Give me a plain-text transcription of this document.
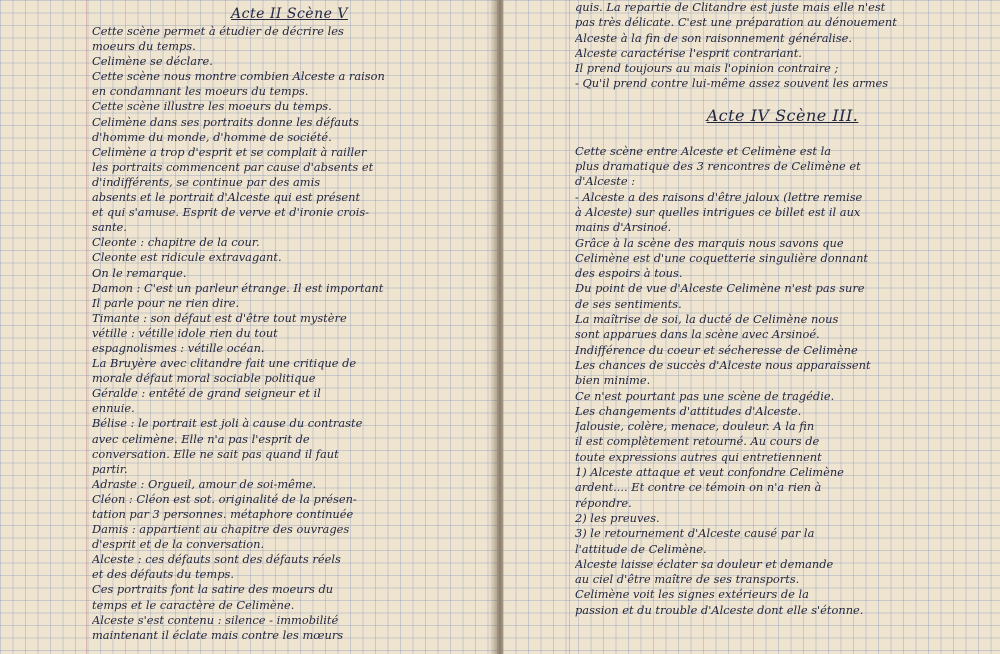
Acte II Scène V
Cette scène permet à étudier de décrire les
moeurs du temps.
Celimène se déclare.
Cette scène nous montre combien Alceste a raison
en condamnant les moeurs du temps.
Cette scène illustre les moeurs du temps.
Celimène dans ses portraits donne les défauts
d'homme du monde, d'homme de société.
Celimène a trop d'esprit et se complait à railler
les portraits commencent par cause d'absents et
d'indifférents, se continue par des amis
absents et le portrait d'Alceste qui est présent
et qui s'amuse. Esprit de verve et d'ironie crois-
sante.
Cleonte : chapitre de la cour.
Cleonte est ridicule extravagant.
On le remarque.
Damon : C'est un parleur étrange. Il est important
Il parle pour ne rien dire.
Timante : son défaut est d'être tout mystère
vétille : vétille idole rien du tout
espagnolismes : vétille océan.
La Bruyère avec clitandre fait une critique de
morale défaut moral sociable politique
Géralde : entêté de grand seigneur et il
ennuie.
Bélise : le portrait est joli à cause du contraste
avec celimène. Elle n'a pas l'esprit de
conversation. Elle ne sait pas quand il faut
partir.
Adraste : Orgueil, amour de soi-même.
Cléon : Cléon est sot. originalité de la présen-
tation par 3 personnes. métaphore continuée
Damis : appartient au chapitre des ouvrages
d'esprit et de la conversation.
Alceste : ces défauts sont des défauts réels
et des défauts du temps.
Ces portraits font la satire des moeurs du
temps et le caractère de Celimène.
Alceste s'est contenu : silence - immobilité
maintenant il éclate mais contre les mœurs
quis. La repartie de Clitandre est juste mais elle n'est
pas très délicate. C'est une préparation au dénouement
Alceste à la fin de son raisonnement généralise.
Alceste caractérise l'esprit contrariant.
Il prend toujours au mais l'opinion contraire ;
- Qu'il prend contre lui-même assez souvent les armes
Acte IV Scène III.
Cette scène entre Alceste et Celimène est la
plus dramatique des 3 rencontres de Celimène et
d'Alceste :
- Alceste a des raisons d'être jaloux (lettre remise
à Alceste) sur quelles intrigues ce billet est il aux
mains d'Arsinoé.
Grâce à la scène des marquis nous savons que
Celimène est d'une coquetterie singulière donnant
des espoirs à tous.
Du point de vue d'Alceste Celimène n'est pas sure
de ses sentiments.
La maîtrise de soi, la ducté de Celimène nous
sont apparues dans la scène avec Arsinoé.
Indifférence du coeur et sécheresse de Celimène
Les chances de succès d'Alceste nous apparaissent
bien minime.
Ce n'est pourtant pas une scène de tragédie.
Les changements d'attitudes d'Alceste.
Jalousie, colère, menace, douleur. A la fin
il est complètement retourné. Au cours de
toute expressions autres qui entretiennent
1) Alceste attaque et veut confondre Celimène
ardent.... Et contre ce témoin on n'a rien à
répondre.
2) les preuves.
3) le retournement d'Alceste causé par la
l'attitude de Celimène.
Alceste laisse éclater sa douleur et demande
au ciel d'être maître de ses transports.
Celimène voit les signes extérieurs de la
passion et du trouble d'Alceste dont elle s'étonne.
